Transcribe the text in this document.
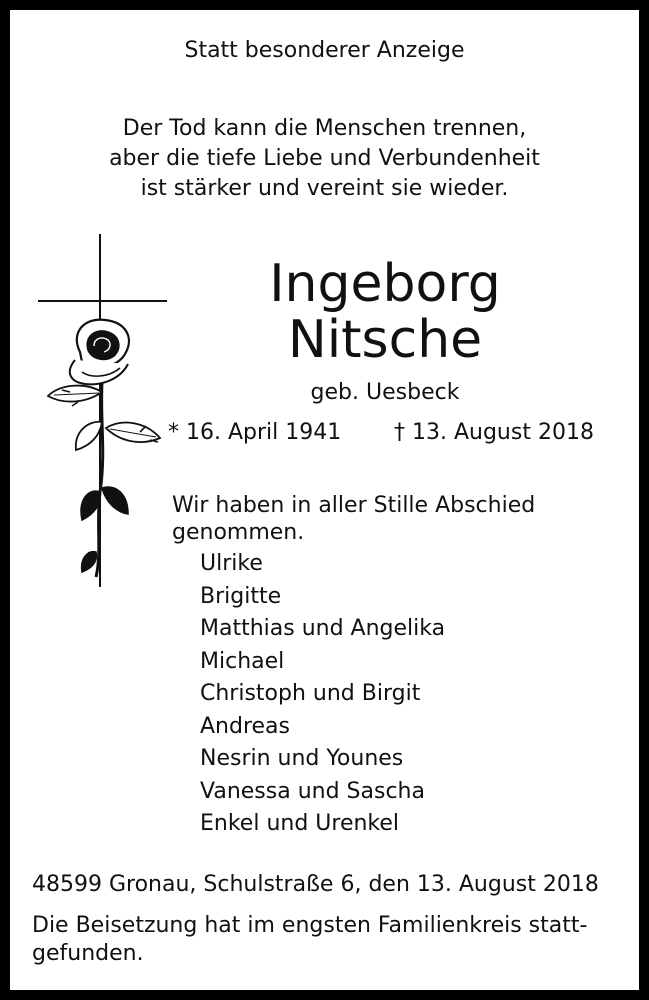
Statt besonderer Anzeige
Der Tod kann die Menschen trennen,
aber die tiefe Liebe und Verbundenheit
ist stärker und vereint sie wieder.
Ingeborg
Nitsche
geb. Uesbeck
* 16. April 1941 † 13. August 2018
Wir haben in aller Stille Abschied genommen.
Ulrike
Brigitte
Matthias und Angelika
Michael
Christoph und Birgit
Andreas
Nesrin und Younes
Vanessa und Sascha
Enkel und Urenkel
48599 Gronau, Schulstraße 6, den 13. August 2018
Die Beisetzung hat im engsten Familienkreis statt-
gefunden.
